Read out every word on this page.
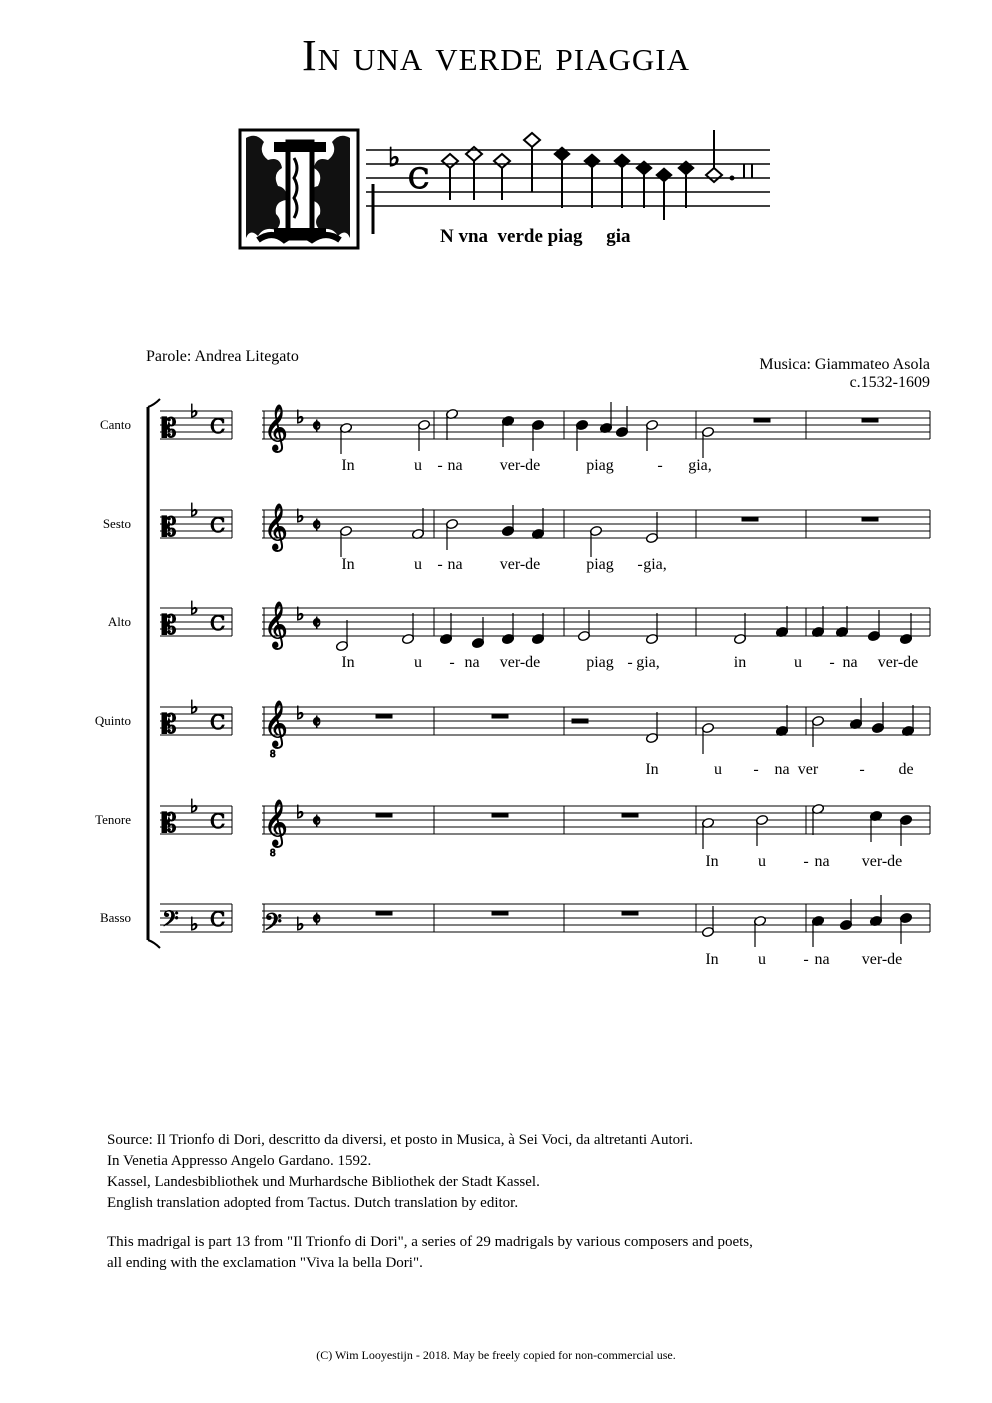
In una verde piaggia
♭
C
N vna  verde piag     gia
Parole: Andrea Litegato	Musica: Giammateo Asola
c.1532-1609
Canto
Sesto
Alto
Quinto
Tenore
Basso
𝄡
♭
C 𝄞 ♭ 𝄵
𝄡
♭
C 𝄞 ♭ 𝄵
𝄡
♭
C 𝄞 ♭ 𝄵
𝄡
♭
C 𝄞
8
♭ 𝄵
𝄡
♭
C 𝄞
8
♭ 𝄵
𝄢 ♭ C 𝄢 ♭ 𝄵
In	u - na ver-de	piag	- gia,
In	u - na ver-de	piag - gia,
In	u - na ver-de	piag - gia,	in	u - na ver-de
In	u - na ver	- de
In u - na ver-de
In u - na ver-de

Source: Il Trionfo di Dori, descritto da diversi, et posto in Musica, à Sei Voci, da altretanti Autori.

In Venetia Appresso Angelo Gardano. 1592.

Kassel, Landesbibliothek und Murhardsche Bibliothek der Stadt Kassel.

English translation adopted from Tactus. Dutch translation by editor.

This madrigal is part 13 from "Il Trionfo di Dori", a series of 29 madrigals by various composers and poets,

all ending with the exclamation "Viva la bella Dori".

(C) Wim Looyestijn - 2018. May be freely copied for non-commercial use.
